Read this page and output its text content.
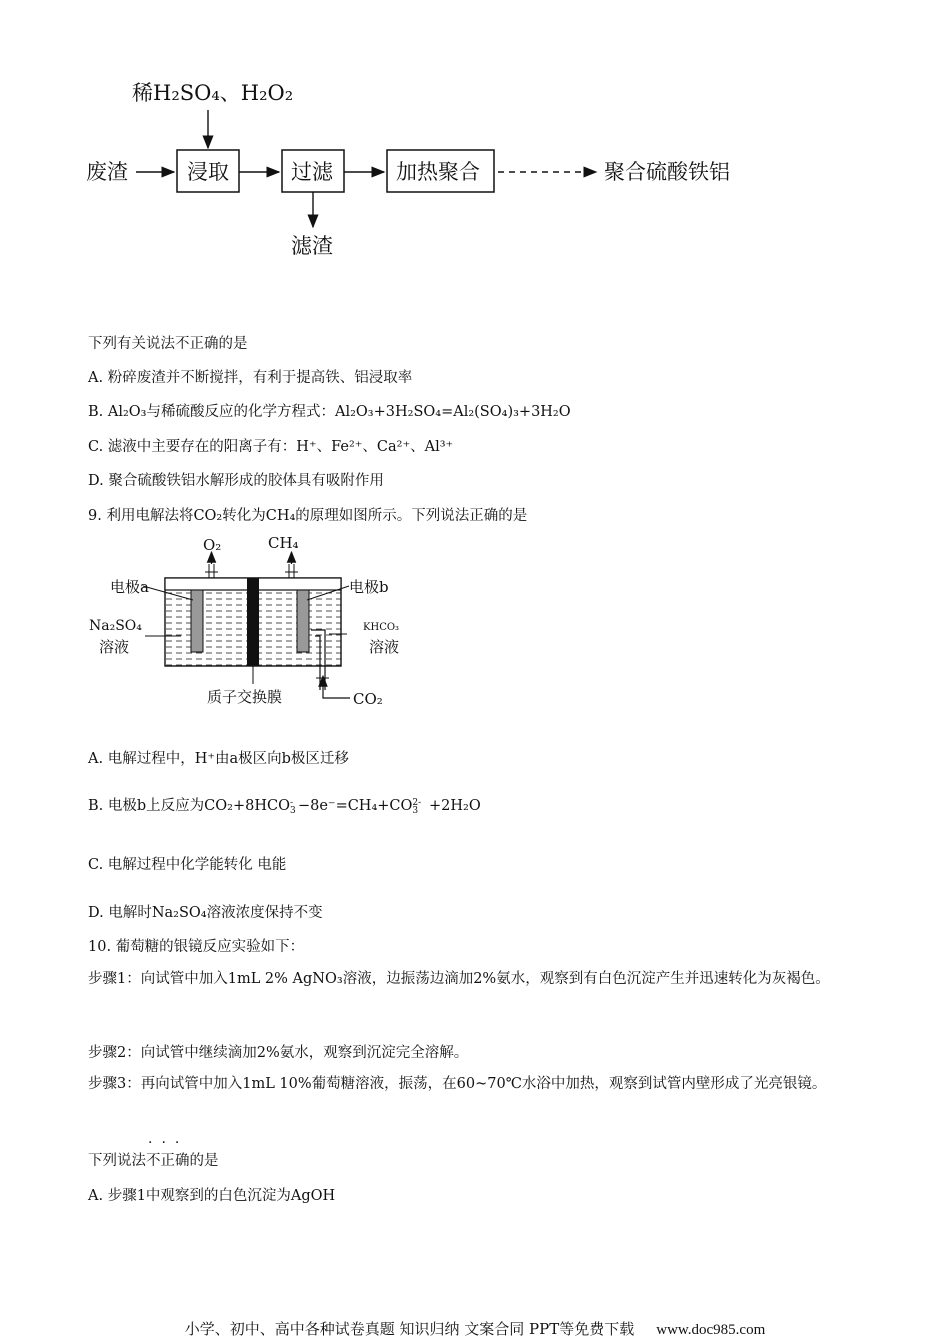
稀H₂SO₄、H₂O₂
废渣	浸取	过滤
滤渣
加热聚合	聚合硫酸铁铝
下列有关说法不正确的是
A. 粉碎废渣并不断搅拌，有利于提高铁、铝浸取率
B. Al₂O₃与稀硫酸反应的化学方程式：Al₂O₃+3H₂SO₄=Al₂(SO₄)₃+3H₂O
C. 滤液中主要存在的阳离子有：H⁺、Fe²⁺、Ca²⁺、Al³⁺
D. 聚合硫酸铁铝水解形成的胶体具有吸附作用
9. 利用电解法将CO₂转化为CH₄的原理如图所示。下列说法正确的是
O₂	CH₄
CO₂
电极a	电极b
Na₂SO₄
溶液
KHCO₃
溶液
质子交换膜
A. 电解过程中，H⁺由a极区向b极区迁移
B. 电极b上反应为CO₂+8HCO -
3 −8e⁻=CH₄+CO 2-
3 +2H₂O
C. 电解过程中化学能转化 电能
D. 电解时Na₂SO₄溶液浓度保持不变
10. 葡萄糖的银镜反应实验如下：
步骤1：向试管中加入1mL 2% AgNO₃溶液，边振荡边滴加2%氨水，观察到有白色沉淀产生并迅速转化为灰褐色。
步骤2：向试管中继续滴加2%氨水，观察到沉淀完全溶解。
步骤3：再向试管中加入1mL 10%葡萄糖溶液，振荡，在60~70℃水浴中加热，观察到试管内壁形成了光亮银镜。
下列说法
···
不正确的是
A. 步骤1中观察到的白色沉淀为AgOH
小学、初中、高中各种试卷真题 知识归纳 文案合同 PPT等免费下载 www.doc985.com
